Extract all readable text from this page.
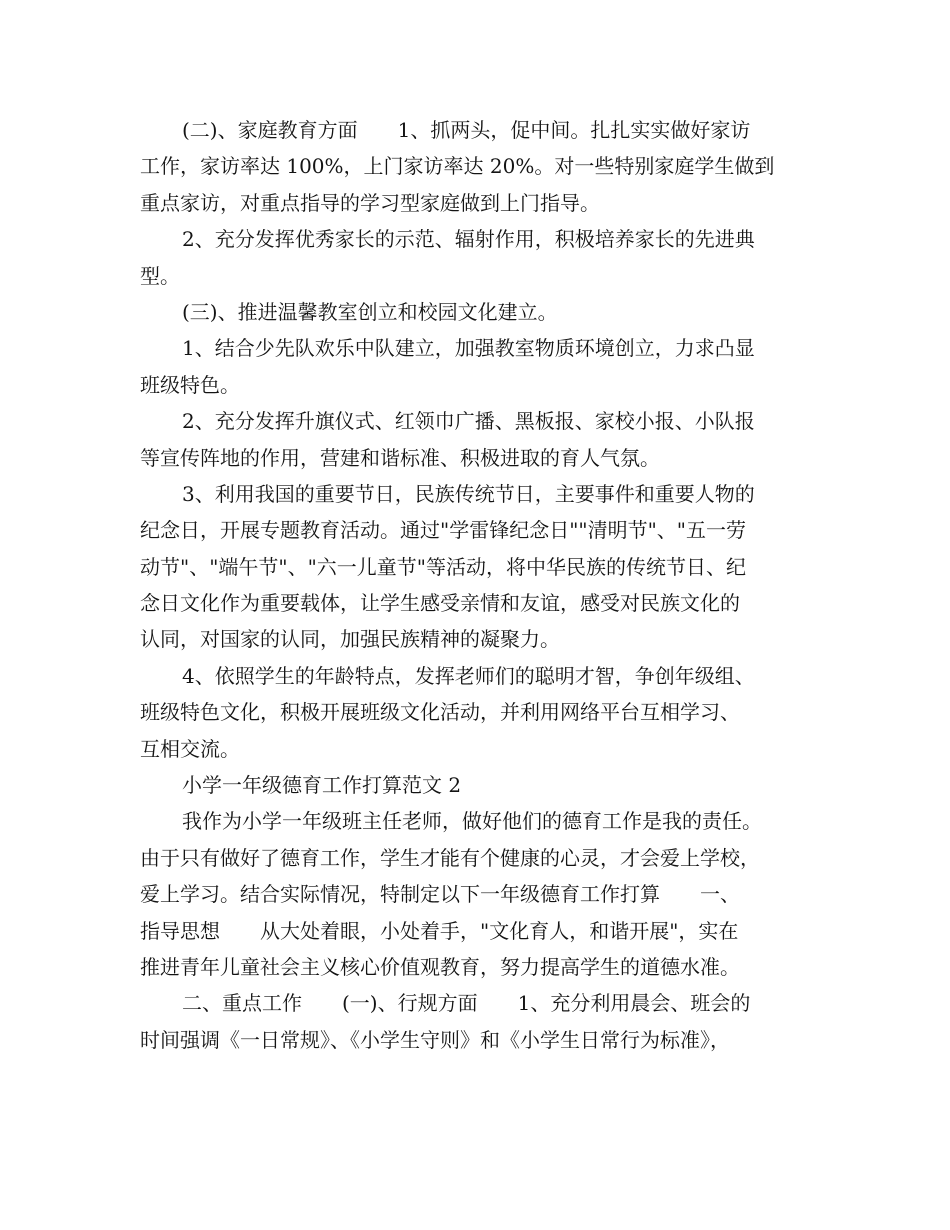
(二)、家庭教育方面　　1、抓两头，促中间。扎扎实实做好家访
工作，家访率达 100%，上门家访率达 20%。对一些特别家庭学生做到
重点家访，对重点指导的学习型家庭做到上门指导。
2、充分发挥优秀家长的示范、辐射作用，积极培养家长的先进典
型。
(三)、推进温馨教室创立和校园文化建立。
1、结合少先队欢乐中队建立，加强教室物质环境创立，力求凸显
班级特色。
2、充分发挥升旗仪式、红领巾广播、黑板报、家校小报、小队报
等宣传阵地的作用，营建和谐标准、积极进取的育人气氛。
3、利用我国的重要节日，民族传统节日，主要事件和重要人物的
纪念日，开展专题教育活动。通过"学雷锋纪念日""清明节"、"五一劳
动节"、"端午节"、"六一儿童节"等活动，将中华民族的传统节日、纪
念日文化作为重要载体，让学生感受亲情和友谊，感受对民族文化的
认同，对国家的认同，加强民族精神的凝聚力。
4、依照学生的年龄特点，发挥老师们的聪明才智，争创年级组、
班级特色文化，积极开展班级文化活动，并利用网络平台互相学习、
互相交流。
小学一年级德育工作打算范文 2
我作为小学一年级班主任老师，做好他们的德育工作是我的责任。
由于只有做好了德育工作，学生才能有个健康的心灵，才会爱上学校，
爱上学习。结合实际情况，特制定以下一年级德育工作打算　　一、
指导思想　　从大处着眼，小处着手，"文化育人，和谐开展"，实在
推进青年儿童社会主义核心价值观教育，努力提高学生的道德水准。
二、重点工作　　(一)、行规方面　　1、充分利用晨会、班会的
时间强调《一日常规》、《小学生守则》和《小学生日常行为标准》，
